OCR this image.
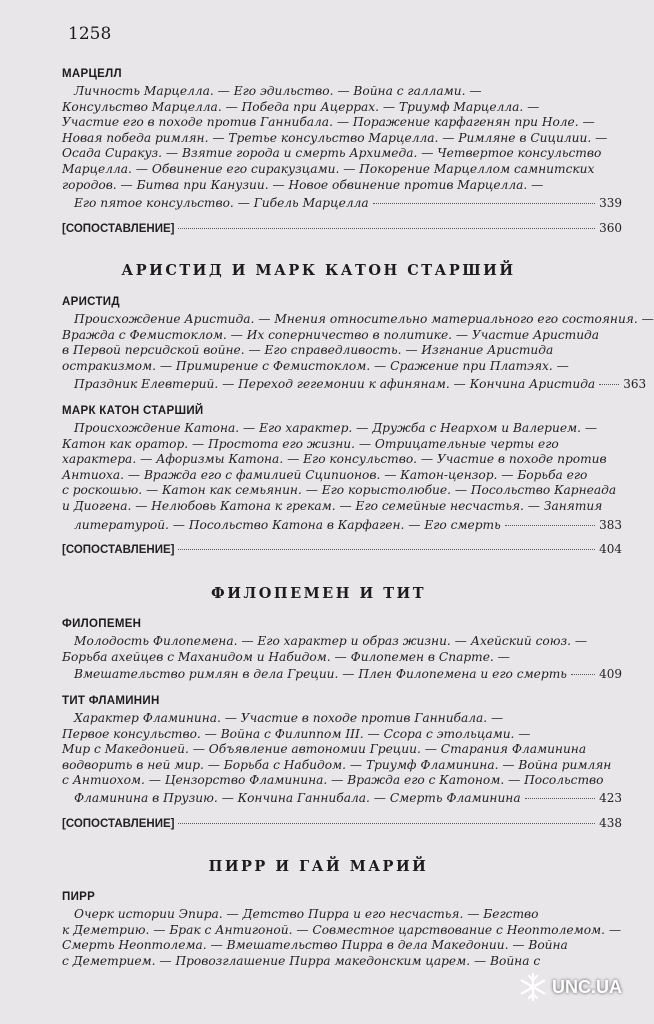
1258
МАРЦЕЛЛ
Личность Марцелла. — Его эдильство. — Война с галлами. —
Консульство Марцелла. — Победа при Ацеррах. — Триумф Марцелла. —
Участие его в походе против Ганнибала. — Поражение карфагенян при Ноле. —
Новая победа римлян. — Третье консульство Марцелла. — Римляне в Сицилии. —
Осада Сиракуз. — Взятие города и смерть Архимеда. — Четвертое консульство
Марцелла. — Обвинение его сиракузцами. — Покорение Марцеллом самнитских
городов. — Битва при Канузии. — Новое обвинение против Марцелла. —
Его пятое консульство. — Гибель Марцелла	339
[СОПОСТАВЛЕНИЕ]	360
АРИСТИД И МАРК КАТОН СТАРШИЙ
АРИСТИД
Происхождение Аристида. — Мнения относительно материального его состояния. —
Вражда с Фемистоклом. — Их соперничество в политике. — Участие Аристида
в Первой персидской войне. — Его справедливость. — Изгнание Аристида
остракизмом. — Примирение с Фемистоклом. — Сражение при Платэях. —
Праздник Елевтерий. — Переход гегемонии к афинянам. — Кончина Аристида 363
МАРК КАТОН СТАРШИЙ
Происхождение Катона. — Его характер. — Дружба с Неархом и Валерием. —
Катон как оратор. — Простота его жизни. — Отрицательные черты его
характера. — Афоризмы Катона. — Его консульство. — Участие в походе против
Антиоха. — Вражда его с фамилией Сципионов. — Катон-цензор. — Борьба его
с роскошью. — Катон как семьянин. — Его корыстолюбие. — Посольство Карнеада
и Диогена. — Нелюбовь Катона к грекам. — Его семейные несчастья. — Занятия
литературой. — Посольство Катона в Карфаген. — Его смерть	383
[СОПОСТАВЛЕНИЕ]	404
ФИЛОПЕМЕН И ТИТ
ФИЛОПЕМЕН
Молодость Филопемена. — Его характер и образ жизни. — Ахейский союз. —
Борьба ахейцев с Маханидом и Набидом. — Филопемен в Спарте. —
Вмешательство римлян в дела Греции. — Плен Филопемена и его смерть	409
ТИТ ФЛАМИНИН
Характер Фламинина. — Участие в походе против Ганнибала. —
Первое консульство. — Война с Филиппом III. — Ссора с этольцами. —
Мир с Македонией. — Объявление автономии Греции. — Старания Фламинина
водворить в ней мир. — Борьба с Набидом. — Триумф Фламинина. — Война римлян
с Антиохом. — Цензорство Фламинина. — Вражда его с Катоном. — Посольство
Фламинина в Прузию. — Кончина Ганнибала. — Смерть Фламинина	423
[СОПОСТАВЛЕНИЕ]	438
ПИРР И ГАЙ МАРИЙ
ПИРР
Очерк истории Эпира. — Детство Пирра и его несчастья. — Бегство
к Деметрию. — Брак с Антигоной. — Совместное царствование с Неоптолемом. —
Смерть Неоптолема. — Вмешательство Пирра в дела Македонии. — Война
с Деметрием. — Провозглашение Пирра македонским царем. — Война с
UNC.UA
